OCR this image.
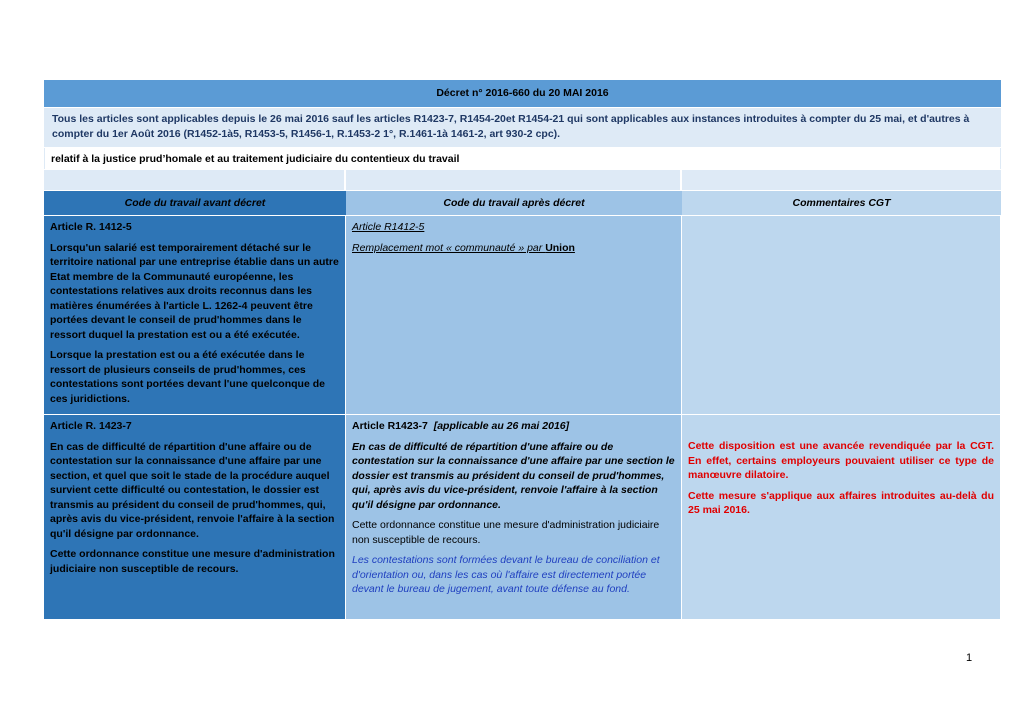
Décret n° 2016-660 du 20 MAI 2016
Tous les articles sont applicables depuis le 26 mai 2016 sauf les articles R1423-7, R1454-20et R1454-21 qui sont applicables aux instances introduites à compter du 25 mai, et d'autres à compter du 1er Août 2016 (R1452-1à5, R1453-5, R1456-1, R.1453-2 1°, R.1461-1à 1461-2, art 930-2 cpc).
relatif à la justice prud’homale et au traitement judiciaire du contentieux du travail
Code du travail avant décret	Code du travail après décret	Commentaires CGT
Article R. 1412-5

Lorsqu'un salarié est temporairement détaché sur le territoire national par une entreprise établie dans un autre Etat membre de la Communauté européenne, les contestations relatives aux droits reconnus dans les matières énumérées à l'article L. 1262-4 peuvent être portées devant le conseil de prud'hommes dans le ressort duquel la prestation est ou a été exécutée.

Lorsque la prestation est ou a été exécutée dans le ressort de plusieurs conseils de prud'hommes, ces contestations sont portées devant l'une quelconque de ces juridictions.

Article R1412-5

Remplacement mot « communauté » par Union

Article R. 1423-7

En cas de difficulté de répartition d'une affaire ou de contestation sur la connaissance d'une affaire par une section, et quel que soit le stade de la procédure auquel survient cette difficulté ou contestation, le dossier est transmis au président du conseil de prud'hommes, qui, après avis du vice-président, renvoie l'affaire à la section qu'il désigne par ordonnance.

Cette ordonnance constitue une mesure d'administration judiciaire non susceptible de recours.

Article R1423-7 [applicable au 26 mai 2016]

En cas de difficulté de répartition d'une affaire ou de contestation sur la connaissance d'une affaire par une section le dossier est transmis au président du conseil de prud'hommes, qui, après avis du vice-président, renvoie l'affaire à la section qu'il désigne par ordonnance.

Cette ordonnance constitue une mesure d'administration judiciaire non susceptible de recours.

Les contestations sont formées devant le bureau de conciliation et d'orientation ou, dans les cas où l'affaire est directement portée devant le bureau de jugement, avant toute défense au fond.

Cette disposition est une avancée revendiquée par la CGT. En effet, certains employeurs pouvaient utiliser ce type de manœuvre dilatoire.

Cette mesure s'applique aux affaires introduites au-delà du 25 mai 2016.

1
